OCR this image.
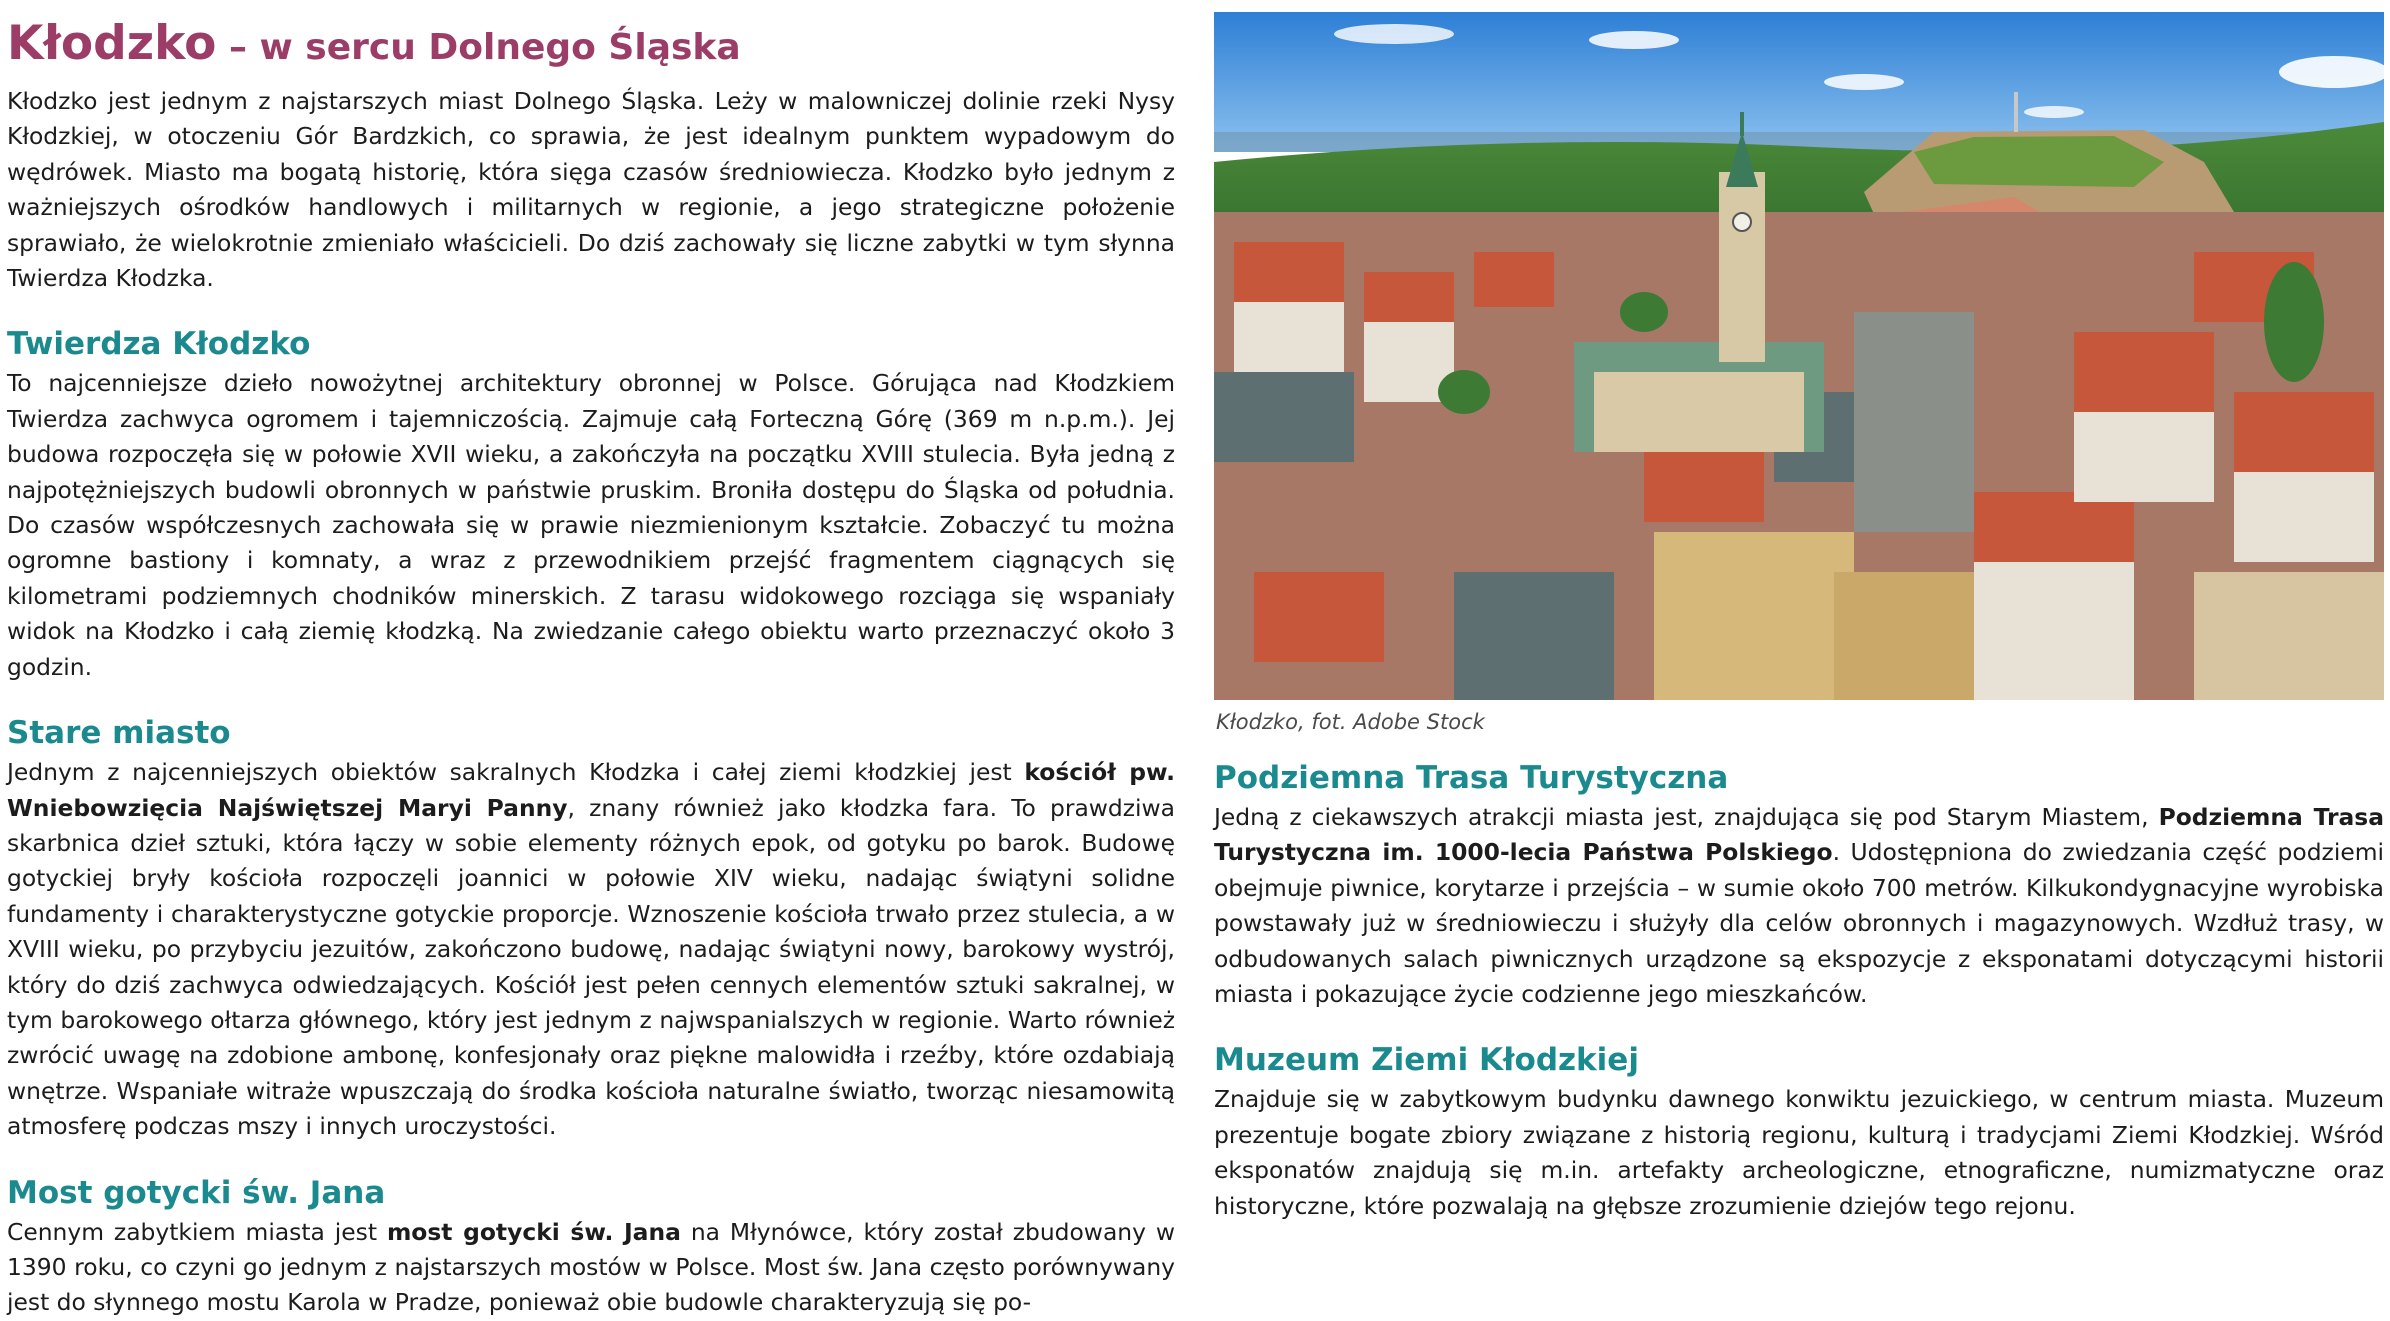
Kłodzko – w sercu Dolnego Śląska

Kłodzko jest jednym z najstarszych miast Dolnego Śląska. Leży w malowniczej dolinie rzeki Nysy Kłodzkiej, w otoczeniu Gór Bardzkich, co sprawia, że jest idealnym punktem wypadowym do wędrówek. Miasto ma bogatą historię, która sięga czasów średniowiecza. Kłodzko było jednym z ważniejszych ośrodków handlowych i militarnych w regionie, a jego strategiczne położenie sprawiało, że wielokrotnie zmieniało właścicieli. Do dziś zachowały się liczne zabytki w tym słynna Twierdza Kłodzka.

Twierdza Kłodzko

To najcenniejsze dzieło nowożytnej architektury obronnej w Polsce. Górująca nad Kłodzkiem Twierdza zachwyca ogromem i tajemniczością. Zajmuje całą Forteczną Górę (369 m n.p.m.). Jej budowa rozpoczęła się w połowie XVII wieku, a zakończyła na początku XVIII stulecia. Była jedną z najpotężniejszych budowli obronnych w państwie pruskim. Broniła dostępu do Śląska od południa. Do czasów współczesnych zachowała się w prawie niezmienionym kształcie. Zobaczyć tu można ogromne bastiony i komnaty, a wraz z przewodnikiem przejść fragmentem ciągnących się kilometrami podziemnych chodników minerskich. Z tarasu widokowego rozciąga się wspaniały widok na Kłodzko i całą ziemię kłodzką. Na zwiedzanie całego obiektu warto przeznaczyć około 3 godzin.

Stare miasto

Jednym z najcenniejszych obiektów sakralnych Kłodzka i całej ziemi kłodzkiej jest kościół pw. Wniebowzięcia Najświętszej Maryi Panny, znany również jako kłodzka fara. To prawdziwa skarbnica dzieł sztuki, która łączy w sobie elementy różnych epok, od gotyku po barok. Budowę gotyckiej bryły kościoła rozpoczęli joannici w połowie XIV wieku, nadając świątyni solidne fundamenty i charakterystyczne gotyckie proporcje. Wznoszenie kościoła trwało przez stulecia, a w XVIII wieku, po przybyciu jezuitów, zakończono budowę, nadając świątyni nowy, barokowy wystrój, który do dziś zachwyca odwiedzających. Kościół jest pełen cennych elementów sztuki sakralnej, w tym barokowego ołtarza głównego, który jest jednym z najwspanialszych w regionie. Warto również zwrócić uwagę na zdobione ambonę, konfesjonały oraz piękne malowidła i rzeźby, które ozdabiają wnętrze. Wspaniałe witraże wpuszczają do środka kościoła naturalne światło, tworząc niesamowitą atmosferę podczas mszy i innych uroczystości.

Most gotycki św. Jana

Cennym zabytkiem miasta jest most gotycki św. Jana na Młynówce, który został zbudowany w 1390 roku, co czyni go jednym z najstarszych mostów w Polsce. Most św. Jana często porównywany jest do słynnego mostu Karola w Pradze, ponieważ obie budowle charakteryzują się po-

Kłodzko, fot. Adobe Stock
Podziemna Trasa Turystyczna

Jedną z ciekawszych atrakcji miasta jest, znajdująca się pod Starym Miastem, Podziemna Trasa Turystyczna im. 1000-lecia Państwa Polskiego. Udostępniona do zwiedzania część podziemi obejmuje piwnice, korytarze i przejścia – w sumie około 700 metrów. Kilkukondygnacyjne wyrobiska powstawały już w średniowieczu i służyły dla celów obronnych i magazynowych. Wzdłuż trasy, w odbudowanych salach piwnicznych urządzone są ekspozycje z eksponatami dotyczącymi historii miasta i pokazujące życie codzienne jego mieszkańców.

Muzeum Ziemi Kłodzkiej

Znajduje się w zabytkowym budynku dawnego konwiktu jezuickiego, w centrum miasta. Muzeum prezentuje bogate zbiory związane z historią regionu, kulturą i tradycjami Ziemi Kłodzkiej. Wśród eksponatów znajdują się m.in. artefakty archeologiczne, etnograficzne, numizmatyczne oraz historyczne, które pozwalają na głębsze zrozumienie dziejów tego rejonu.
